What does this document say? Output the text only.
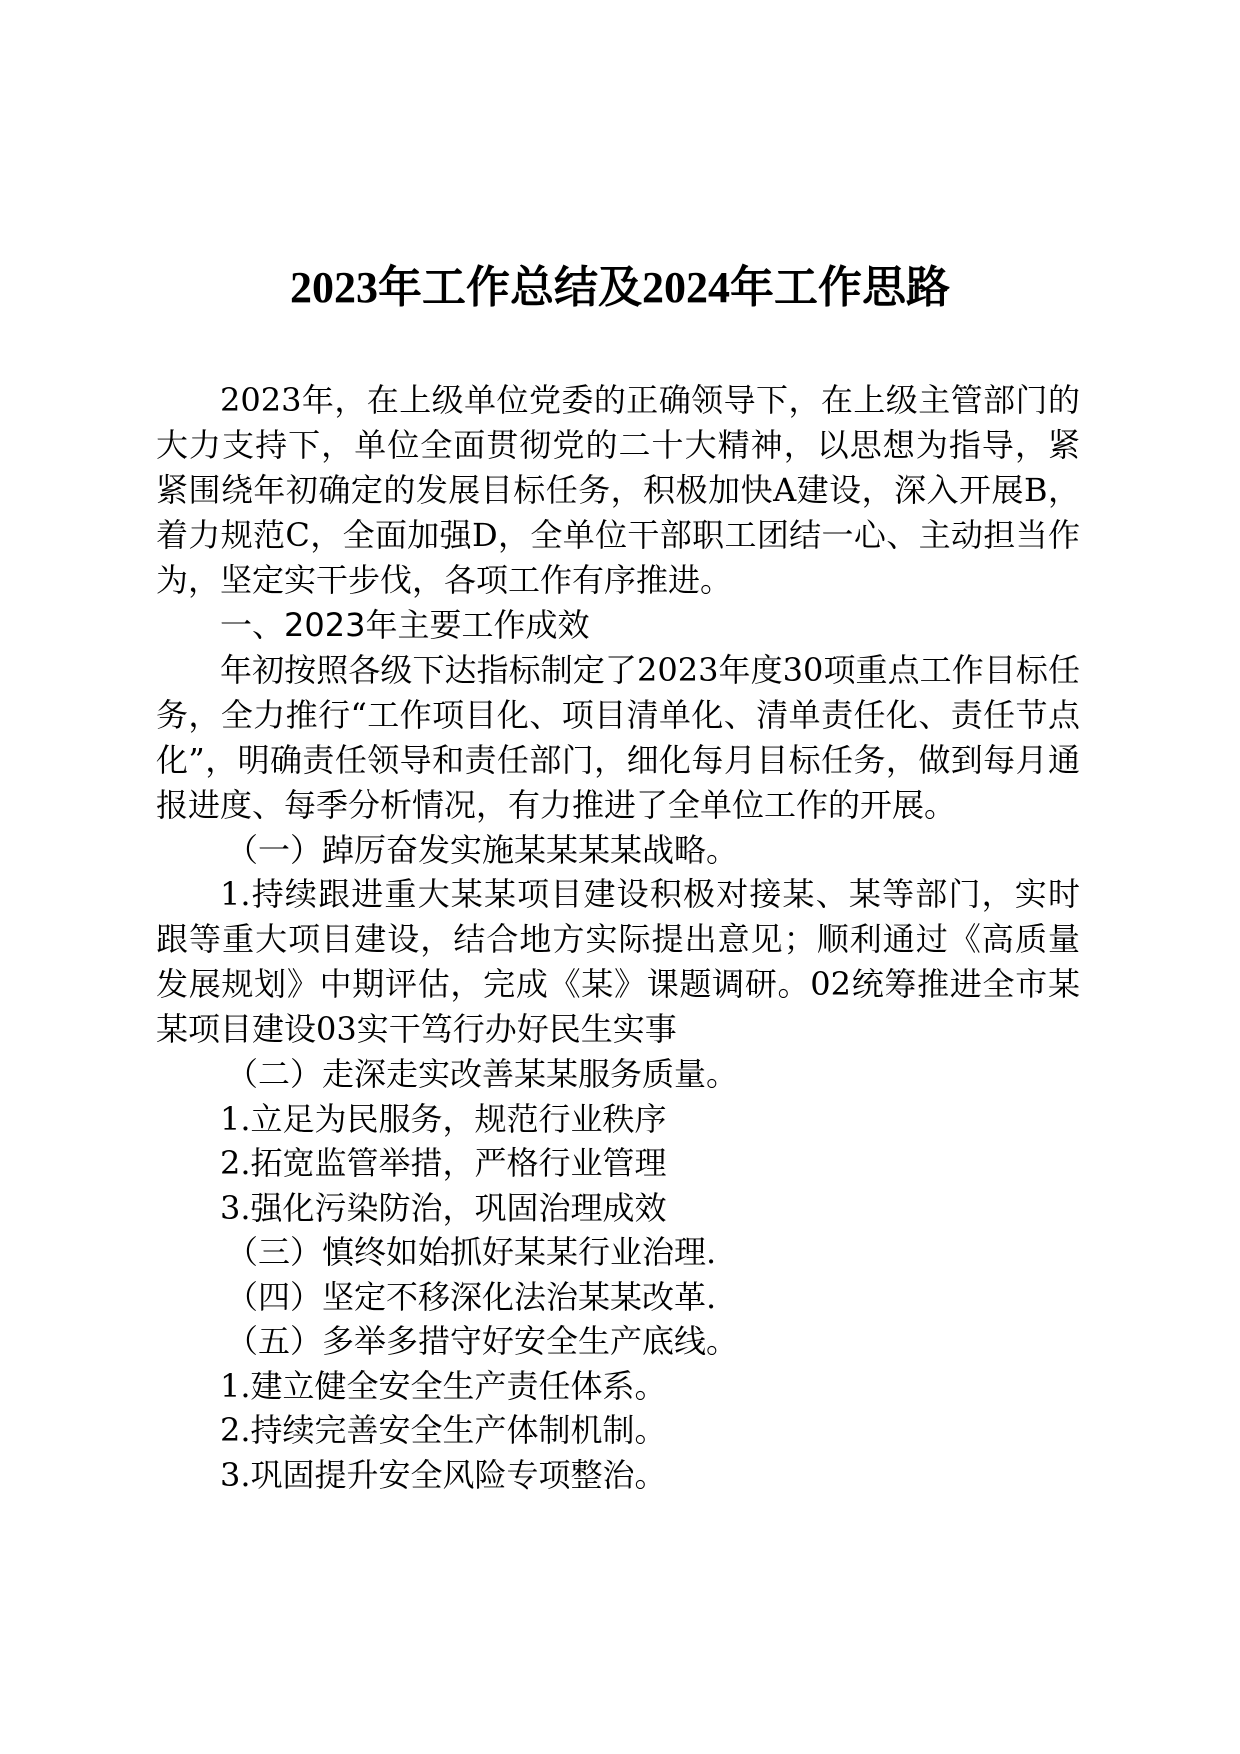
2023年工作总结及2024年工作思路

2023年，在上级单位党委的正确领导下，在上级主管部门的大力支持下，单位全面贯彻党的二十大精神，以思想为指导，紧紧围绕年初确定的发展目标任务，积极加快A建设，深入开展B，着力规范C，全面加强D，全单位干部职工团结一心、主动担当作为，坚定实干步伐，各项工作有序推进。

一、2023年主要工作成效

年初按照各级下达指标制定了2023年度30项重点工作目标任务，全力推行“工作项目化、项目清单化、清单责任化、责任节点化”，明确责任领导和责任部门，细化每月目标任务，做到每月通报进度、每季分析情况，有力推进了全单位工作的开展。

（一）踔厉奋发实施某某某某战略。

1.持续跟进重大某某项目建设积极对接某、某等部门，实时跟等重大项目建设，结合地方实际提出意见；顺利通过《高质量发展规划》中期评估，完成《某》课题调研。02统筹推进全市某某项目建设03实干笃行办好民生实事

（二）走深走实改善某某服务质量。

1.立足为民服务，规范行业秩序

2.拓宽监管举措，严格行业管理

3.强化污染防治，巩固治理成效

（三）慎终如始抓好某某行业治理.

（四）坚定不移深化法治某某改革.

（五）多举多措守好安全生产底线。

1.建立健全安全生产责任体系。

2.持续完善安全生产体制机制。

3.巩固提升安全风险专项整治。
